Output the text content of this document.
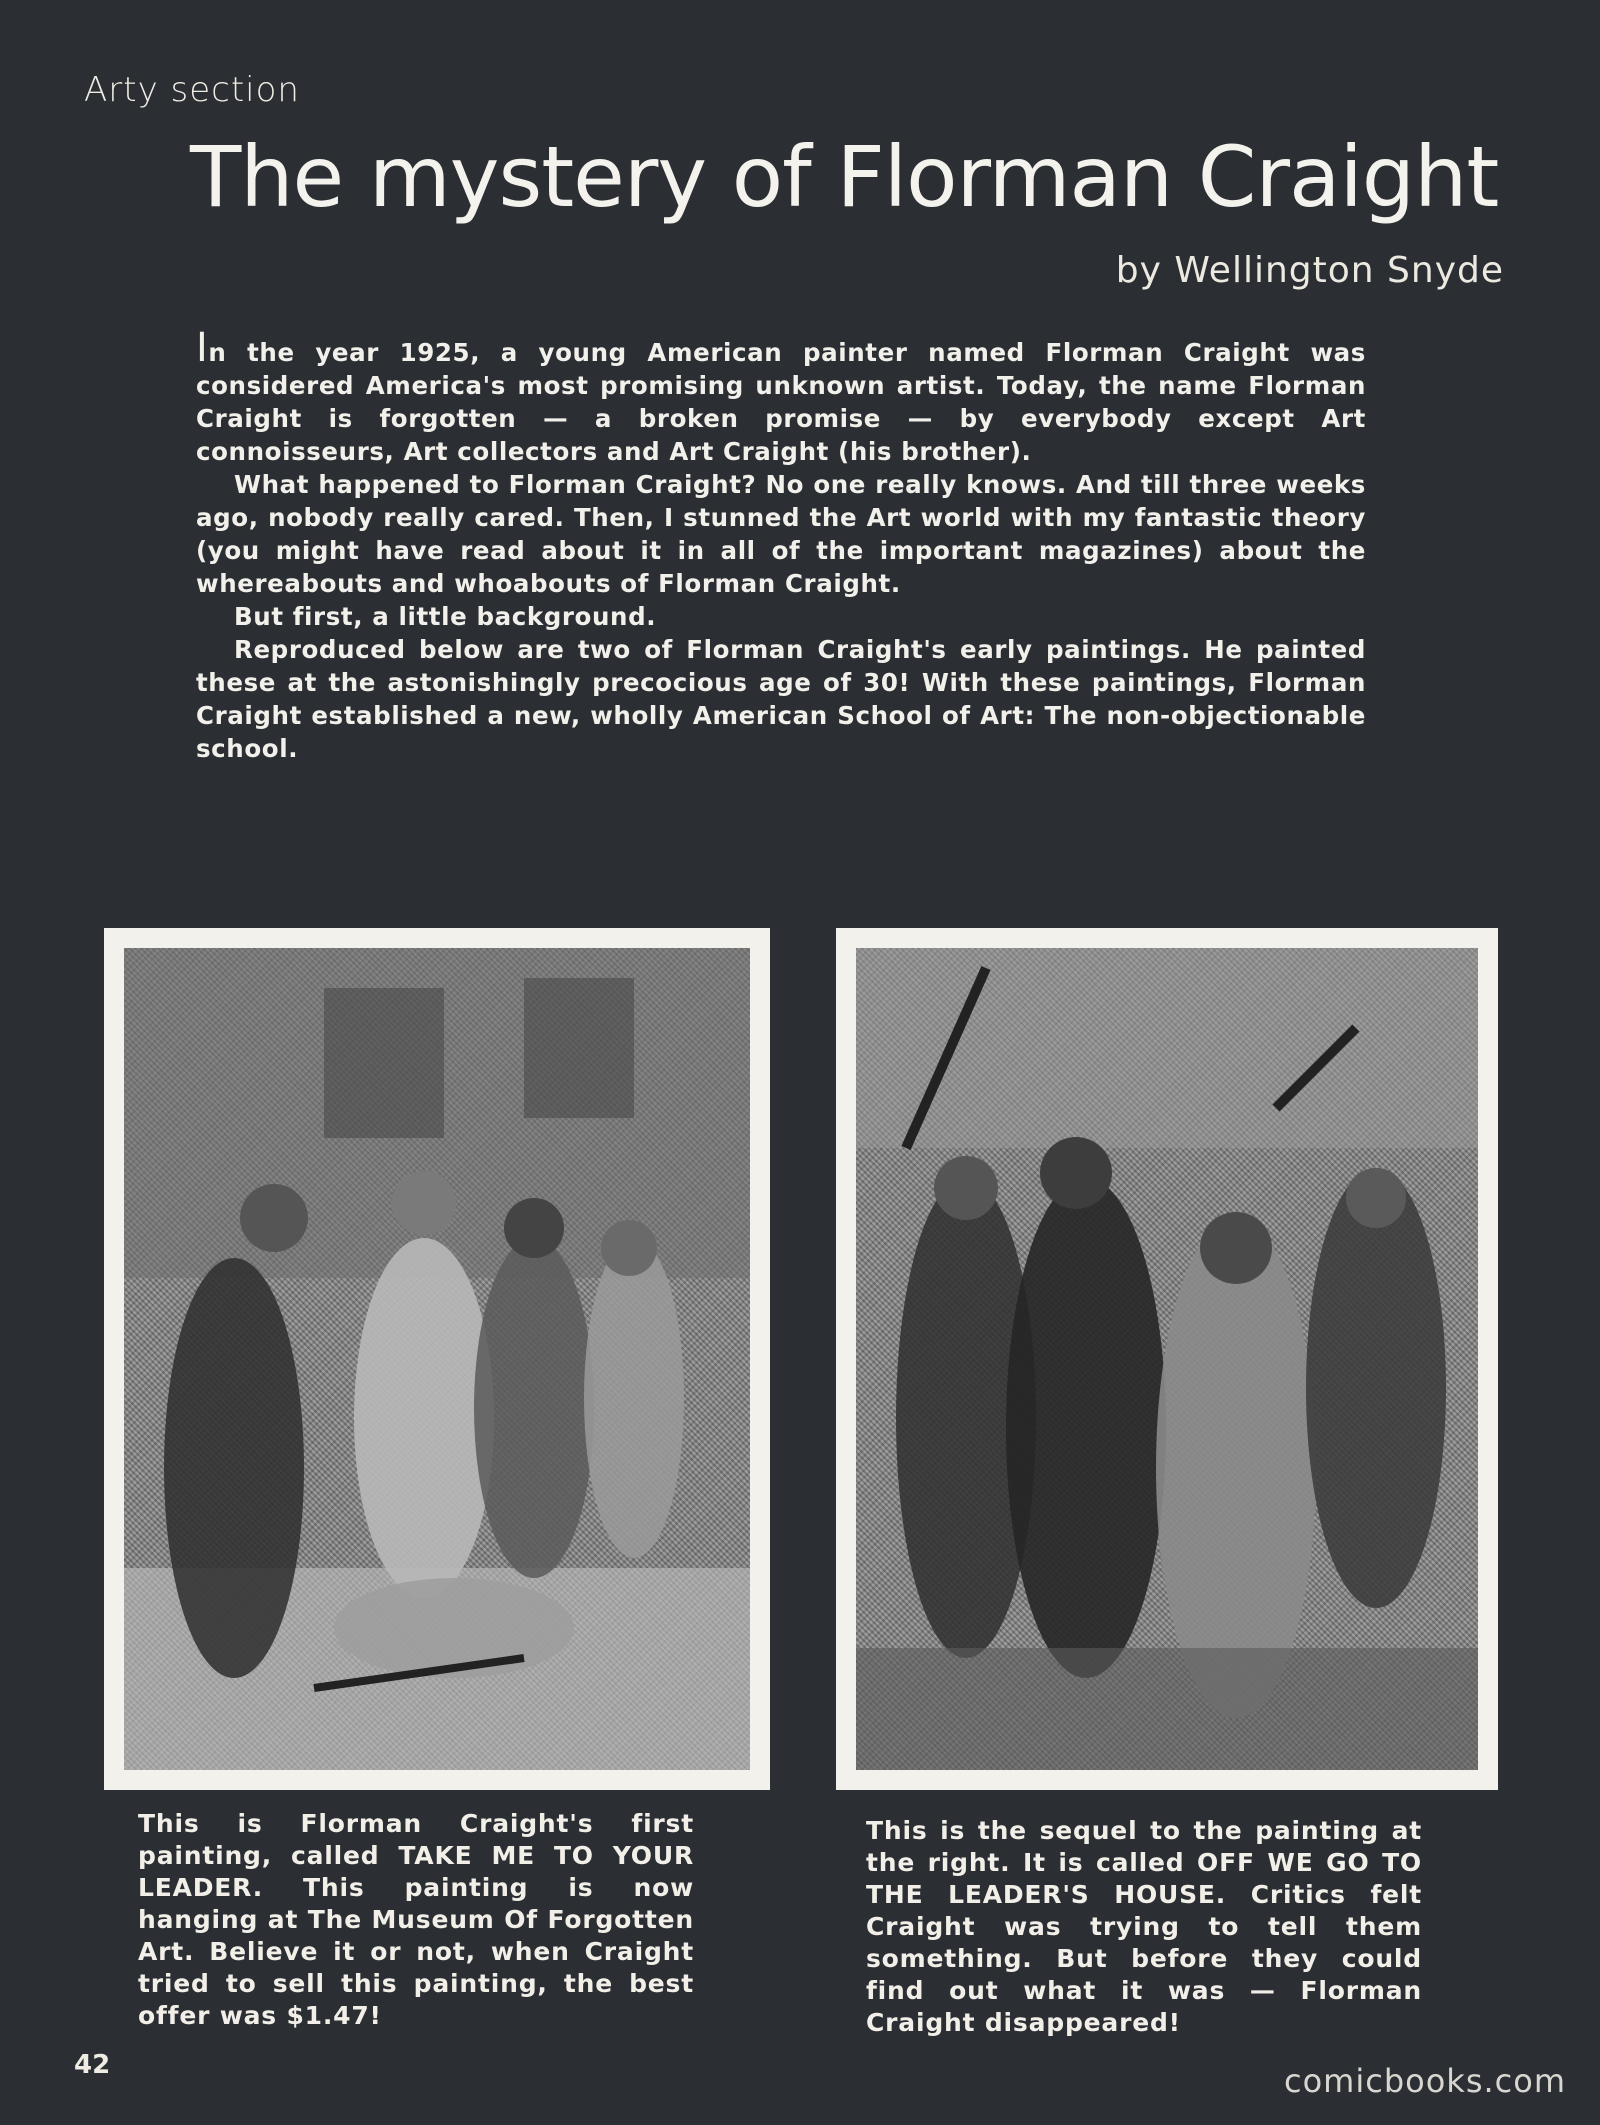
Arty section
The mystery of Florman Craight
by Wellington Snyde

In the year 1925, a young American painter named Florman Craight was considered America's most promising unknown artist. Today, the name Florman Craight is forgotten — a broken promise — by everybody except Art connoisseurs, Art collectors and Art Craight (his brother).

What happened to Florman Craight? No one really knows. And till three weeks ago, nobody really cared. Then, I stunned the Art world with my fantastic theory (you might have read about it in all of the important magazines) about the whereabouts and whoabouts of Florman Craight.

But first, a little background.

Reproduced below are two of Florman Craight's early paintings. He painted these at the astonishingly precocious age of 30! With these paintings, Florman Craight established a new, wholly American School of Art: The non-objectionable school.

This is Florman Craight's first painting, called TAKE ME TO YOUR LEADER. This painting is now hanging at The Museum Of Forgotten Art. Believe it or not, when Craight tried to sell this painting, the best offer was $1.47!
This is the sequel to the painting at the right. It is called OFF WE GO TO THE LEADER'S HOUSE. Critics felt Craight was trying to tell them something. But before they could find out what it was — Florman Craight disappeared!
42	comicbooks.com
